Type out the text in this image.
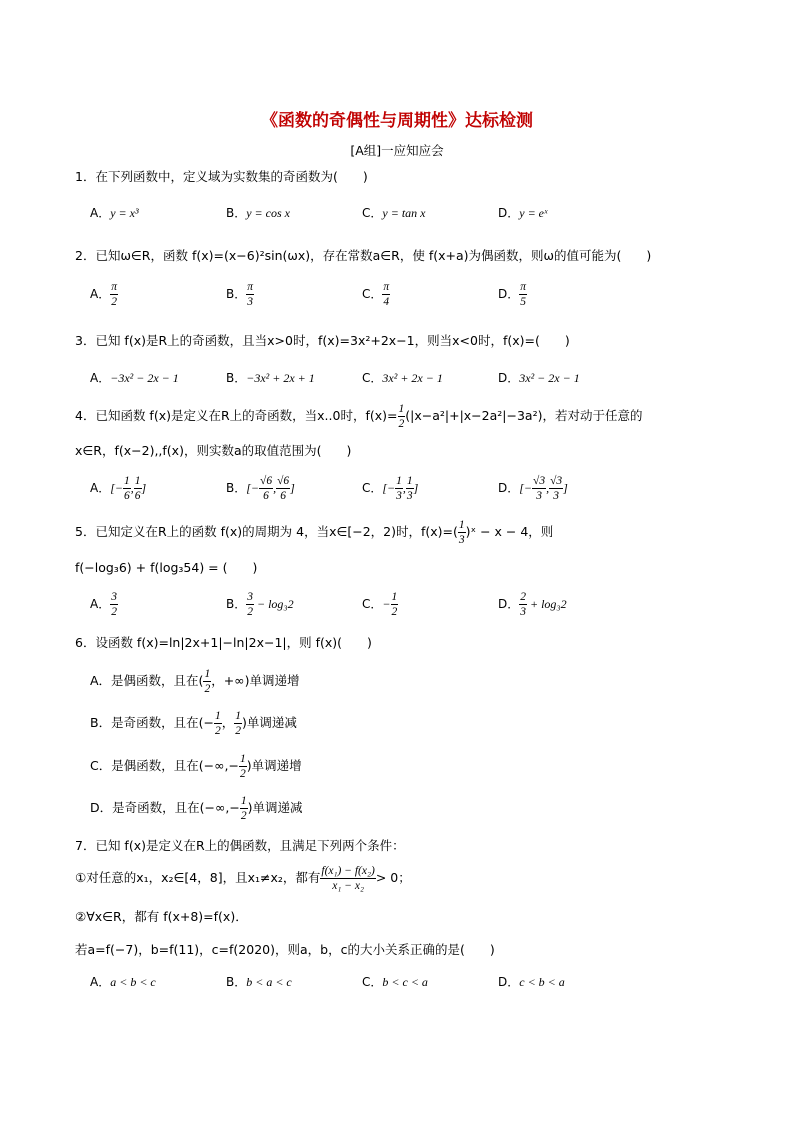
《函数的奇偶性与周期性》达标检测
[A组]一应知应会
1．在下列函数中，定义域为实数集的奇函数为(　　)
A．y = x³	B．y = cos x	C．y = tan x	D．y = eˣ
2．已知ω∈R，函数 f(x)=(x−6)²sin(ωx)，存在常数a∈R，使 f(x+a)为偶函数，则ω的值可能为(　　)
A． $\frac{\pi}{2}$	B． $\frac{\pi}{3}$	C． $\frac{\pi}{4}$	D． $\frac{\pi}{5}$
3．已知 f(x)是R上的奇函数，且当x>0时，f(x)=3x²+2x−1，则当x<0时，f(x)=(　　)
A．−3x² − 2x − 1	B．−3x² + 2x + 1	C．3x² + 2x − 1	D．3x² − 2x − 1
4．已知函数 f(x)是定义在R上的奇函数，当x..0时，$f(x)= \frac{1}{2} (|x-a^2|+|x-2a^2|-3a^2)$，若对动于任意的
x∈R，f(x−2),,f(x)，则实数a的取值范围为(　　)
A．[− $\frac{1}{6}$ , $\frac{1}{6}$ ]	B．[− $\frac{√6}{6}$ , $\frac{√6}{6}$ ]	C．[− $\frac{1}{3}$ , $\frac{1}{3}$ ]	D．[− $\frac{√3}{3}$ , $\frac{√3}{3}$ ]
5．已知定义在R上的函数 f(x)的周期为 4，当x∈[−2，2)时，$f(x)=( \frac{1}{3}$ )ˣ − x − 4，则
f(−log₃6) + f(log₃54) = (　　)
A． $\frac{3}{2}$	B． $\frac{3}{2} - \log_32$	C．− $\frac{1}{2}$	D． $\frac{2}{3} + \log_32$
6．设函数 f(x)=ln|2x+1|−ln|2x−1|，则 f(x)(　　)
A．是偶函数，且在( $\frac{1}{2}$ ，+∞)单调递增
B．是奇函数，且在(− $\frac{1}{2}$ ， $\frac{1}{2}$ )单调递减
C．是偶函数，且在(−∞,− $\frac{1}{2}$ )单调递增
D．是奇函数，且在(−∞,− $\frac{1}{2}$ )单调递减
7．已知 f(x)是定义在R上的偶函数，且满足下列两个条件：
①对任意的x₁，x₂∈[4，8]，且x₁≠x₂，都有 $\frac{\text{f(x₁) − f(x₂)}}{\text{x₁ − x₂}} > 0$；
②∀x∈R，都有 f(x+8)=f(x)．
若a=f(−7)，b=f(11)，c=f(2020)，则a，b，c的大小关系正确的是(　　)
A．a < b < c	B．b < a < c	C．b < c < a	D．c < b < a
